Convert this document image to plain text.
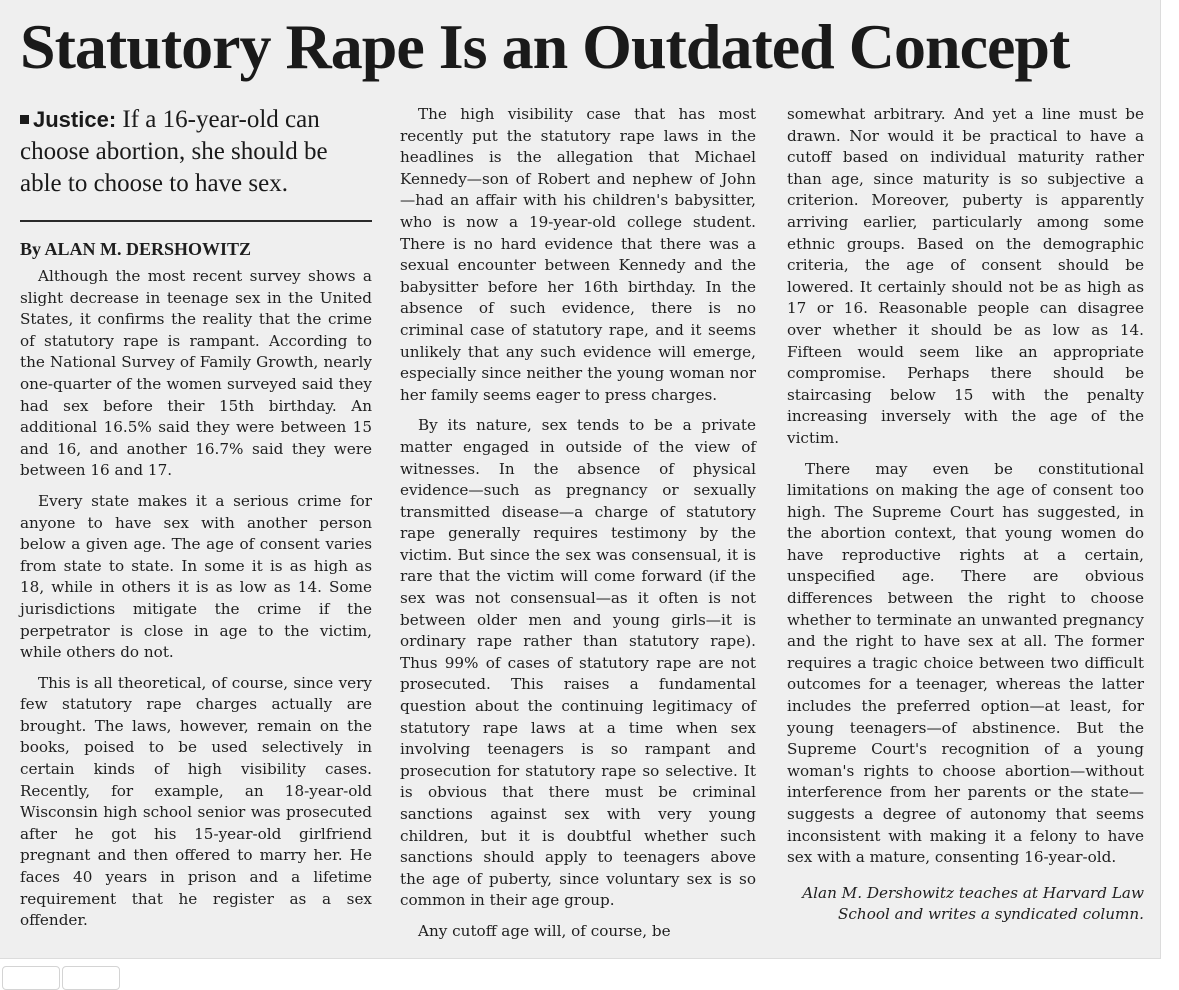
Statutory Rape Is an Outdated Concept
Justice: If a 16-year-old can choose abortion, she should be able to choose to have sex.
By ALAN M. DERSHOWITZ

Although the most recent survey shows a slight decrease in teenage sex in the United States, it confirms the reality that the crime of statutory rape is rampant. According to the National Survey of Family Growth, nearly one-quarter of the women surveyed said they had sex before their 15th birthday. An additional 16.5% said they were between 15 and 16, and another 16.7% said they were between 16 and 17.

Every state makes it a serious crime for anyone to have sex with another person below a given age. The age of consent varies from state to state. In some it is as high as 18, while in others it is as low as 14. Some jurisdictions mitigate the crime if the perpetrator is close in age to the victim, while others do not.

This is all theoretical, of course, since very few statutory rape charges actually are brought. The laws, however, remain on the books, poised to be used selectively in certain kinds of high visibility cases. Recently, for example, an 18-year-old Wisconsin high school senior was prosecuted after he got his 15-year-old girlfriend pregnant and then offered to marry her. He faces 40 years in prison and a lifetime requirement that he register as a sex offender.

The high visibility case that has most recently put the statutory rape laws in the headlines is the allegation that Michael Kennedy—son of Robert and nephew of John—had an affair with his children's babysitter, who is now a 19-year-old college student. There is no hard evidence that there was a sexual encounter between Kennedy and the babysitter before her 16th birthday. In the absence of such evidence, there is no criminal case of statutory rape, and it seems unlikely that any such evidence will emerge, especially since neither the young woman nor her family seems eager to press charges.

By its nature, sex tends to be a private matter engaged in outside of the view of witnesses. In the absence of physical evidence—such as pregnancy or sexually transmitted disease—a charge of statutory rape generally requires testimony by the victim. But since the sex was consensual, it is rare that the victim will come forward (if the sex was not consensual—as it often is not between older men and young girls—it is ordinary rape rather than statutory rape). Thus 99% of cases of statutory rape are not prosecuted. This raises a fundamental question about the continuing legitimacy of statutory rape laws at a time when sex involving teenagers is so rampant and prosecution for statutory rape so selective. It is obvious that there must be criminal sanctions against sex with very young children, but it is doubtful whether such sanctions should apply to teenagers above the age of puberty, since voluntary sex is so common in their age group.

Any cutoff age will, of course, be

somewhat arbitrary. And yet a line must be drawn. Nor would it be practical to have a cutoff based on individual maturity rather than age, since maturity is so subjective a criterion. Moreover, puberty is apparently arriving earlier, particularly among some ethnic groups. Based on the demographic criteria, the age of consent should be lowered. It certainly should not be as high as 17 or 16. Reasonable people can disagree over whether it should be as low as 14. Fifteen would seem like an appropriate compromise. Perhaps there should be staircasing below 15 with the penalty increasing inversely with the age of the victim.

There may even be constitutional limitations on making the age of consent too high. The Supreme Court has suggested, in the abortion context, that young women do have reproductive rights at a certain, unspecified age. There are obvious differences between the right to choose whether to terminate an unwanted pregnancy and the right to have sex at all. The former requires a tragic choice between two difficult outcomes for a teenager, whereas the latter includes the preferred option—at least, for young teenagers—of abstinence. But the Supreme Court's recognition of a young woman's rights to choose abortion—without interference from her parents or the state—suggests a degree of autonomy that seems inconsistent with making it a felony to have sex with a mature, consenting 16-year-old.

Alan M. Dershowitz teaches at Harvard Law School and writes a syndicated column.
